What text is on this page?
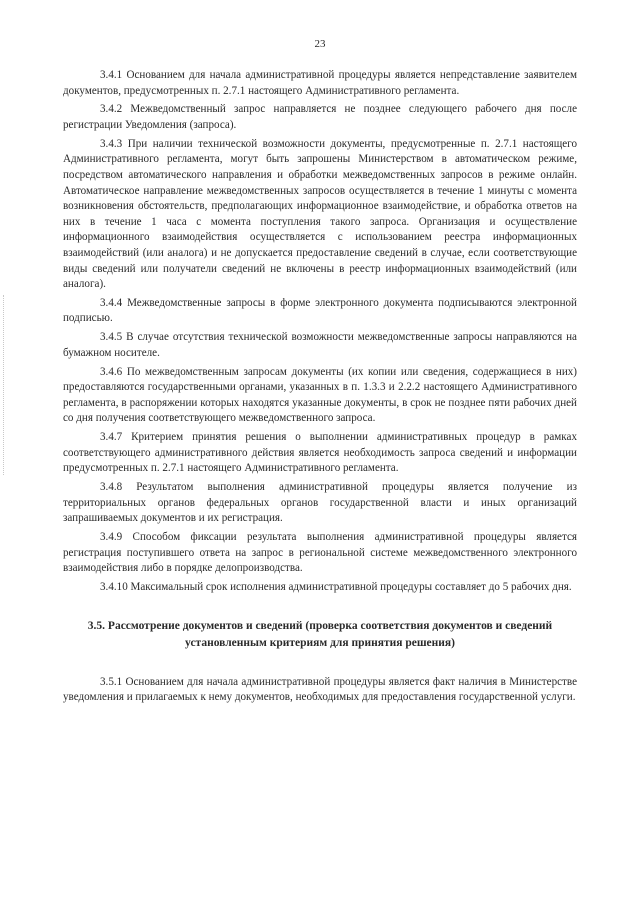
23

3.4.1 Основанием для начала административной процедуры является непредставление заявителем документов, предусмотренных п. 2.7.1 настоящего Административного регламента.

3.4.2 Межведомственный запрос направляется не позднее следующего рабочего дня после регистрации Уведомления (запроса).

3.4.3 При наличии технической возможности документы, предусмотренные п. 2.7.1 настоящего Административного регламента, могут быть запрошены Министерством в автоматическом режиме, посредством автоматического направления и обработки межведомственных запросов в режиме онлайн. Автоматическое направление межведомственных запросов осуществляется в течение 1 минуты с момента возникновения обстоятельств, предполагающих информационное взаимодействие, и обработка ответов на них в течение 1 часа с момента поступления такого запроса. Организация и осуществление информационного взаимодействия осуществляется с использованием реестра информационных взаимодействий (или аналога) и не допускается предоставление сведений в случае, если соответствующие виды сведений или получатели сведений не включены в реестр информационных взаимодействий (или аналога).

3.4.4 Межведомственные запросы в форме электронного документа подписываются электронной подписью.

3.4.5 В случае отсутствия технической возможности межведомственные запросы направляются на бумажном носителе.

3.4.6 По межведомственным запросам документы (их копии или сведения, содержащиеся в них) предоставляются государственными органами, указанных в п. 1.3.3 и 2.2.2 настоящего Административного регламента, в распоряжении которых находятся указанные документы, в срок не позднее пяти рабочих дней со дня получения соответствующего межведомственного запроса.

3.4.7 Критерием принятия решения о выполнении административных процедур в рамках соответствующего административного действия является необходимость запроса сведений и информации предусмотренных п. 2.7.1 настоящего Административного регламента.

3.4.8 Результатом выполнения административной процедуры является получение из территориальных органов федеральных органов государственной власти и иных организаций запрашиваемых документов и их регистрация.

3.4.9 Способом фиксации результата выполнения административной процедуры является регистрация поступившего ответа на запрос в региональной системе межведомственного электронного взаимодействия либо в порядке делопроизводства.

3.4.10 Максимальный срок исполнения административной процедуры составляет до 5 рабочих дня.

3.5. Рассмотрение документов и сведений (проверка соответствия документов и сведений установленным критериям для принятия решения)

3.5.1 Основанием для начала административной процедуры является факт наличия в Министерстве уведомления и прилагаемых к нему документов, необходимых для предоставления государственной услуги.
